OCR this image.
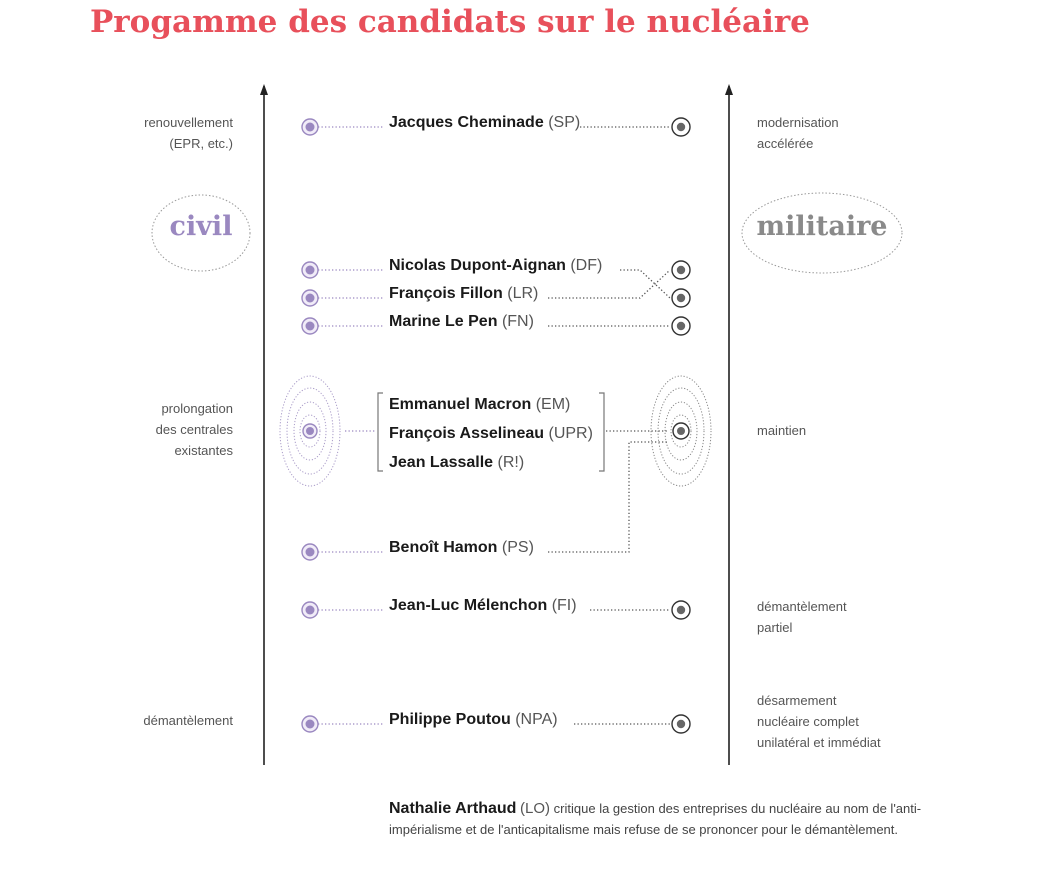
Progamme des candidats sur le nucléaire
civil	militaire
renouvellement
(EPR, etc.)
prolongation
des centrales
existantes
démantèlement
modernisation
accélérée
maintien
démantèlement
partiel
désarmement
nucléaire complet
unilatéral et immédiat
Jacques Cheminade (SP)
Nicolas Dupont-Aignan (DF)
François Fillon (LR)
Marine Le Pen (FN)
Emmanuel Macron (EM)
François Asselineau (UPR)
Jean Lassalle (R!)
Benoît Hamon (PS)
Jean-Luc Mélenchon (FI)
Philippe Poutou (NPA)
Nathalie Arthaud (LO) critique la gestion des entreprises du nucléaire au nom de l'anti-impérialisme et de l'anticapitalisme mais refuse de se prononcer pour le démantèlement.
